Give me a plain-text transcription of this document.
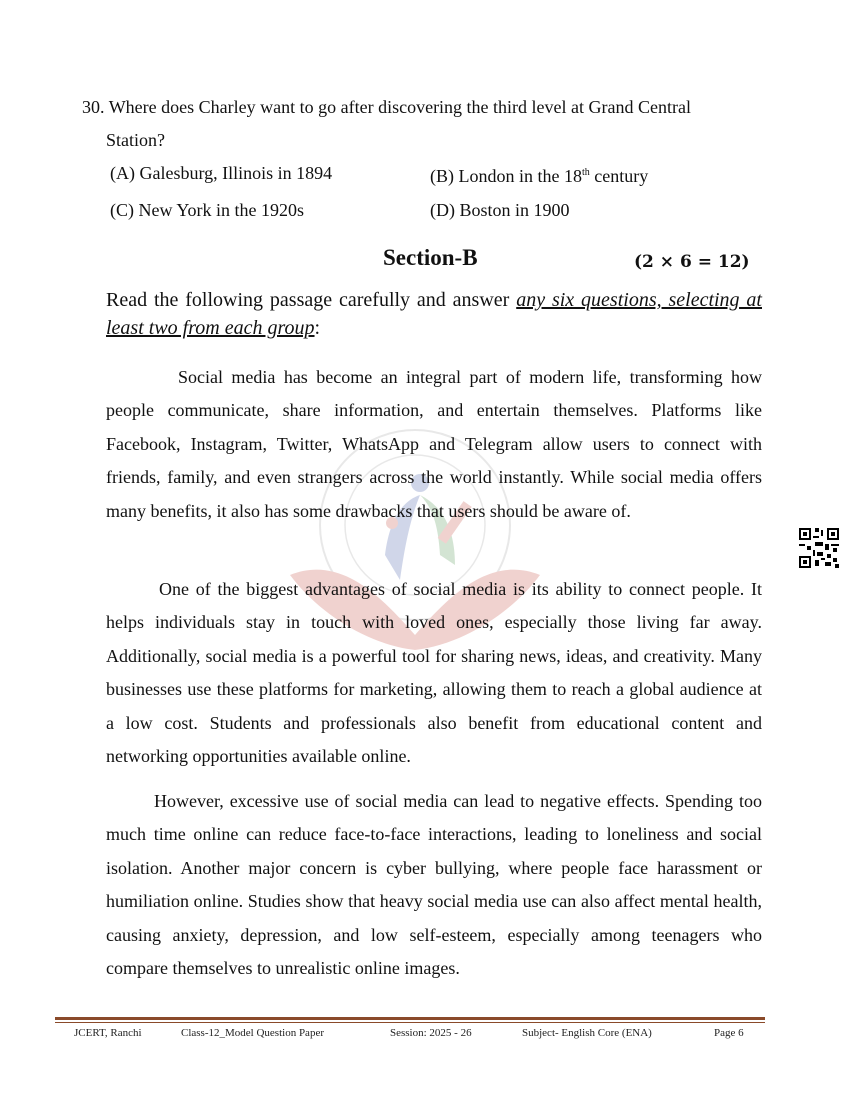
30. Where does Charley want to go after discovering the third level at Grand Central
Station?
(A) Galesburg, Illinois in 1894	(B) London in the 18th century
(C) New York in the 1920s	(D) Boston in 1900
Section-B	(2 × 6 = 12)
Read the following passage carefully and answer any six questions, selecting at least two from each group:
Social media has become an integral part of modern life, transforming how people communicate, share information, and entertain themselves. Platforms like Facebook, Instagram, Twitter, WhatsApp and Telegram allow users to connect with friends, family, and even strangers across the world instantly. While social media offers many benefits, it also has some drawbacks that users should be aware of.
One of the biggest advantages of social media is its ability to connect people. It helps individuals stay in touch with loved ones, especially those living far away. Additionally, social media is a powerful tool for sharing news, ideas, and creativity. Many businesses use these platforms for marketing, allowing them to reach a global audience at a low cost. Students and professionals also benefit from educational content and networking opportunities available online.
However, excessive use of social media can lead to negative effects. Spending too much time online can reduce face-to-face interactions, leading to loneliness and social isolation. Another major concern is cyber bullying, where people face harassment or humiliation online. Studies show that heavy social media use can also affect mental health, causing anxiety, depression, and low self-esteem, especially among teenagers who compare themselves to unrealistic online images.
JCERT, Ranchi	Class-12_Model Question Paper	Session: 2025 - 26	Subject- English Core (ENA)	Page 6
